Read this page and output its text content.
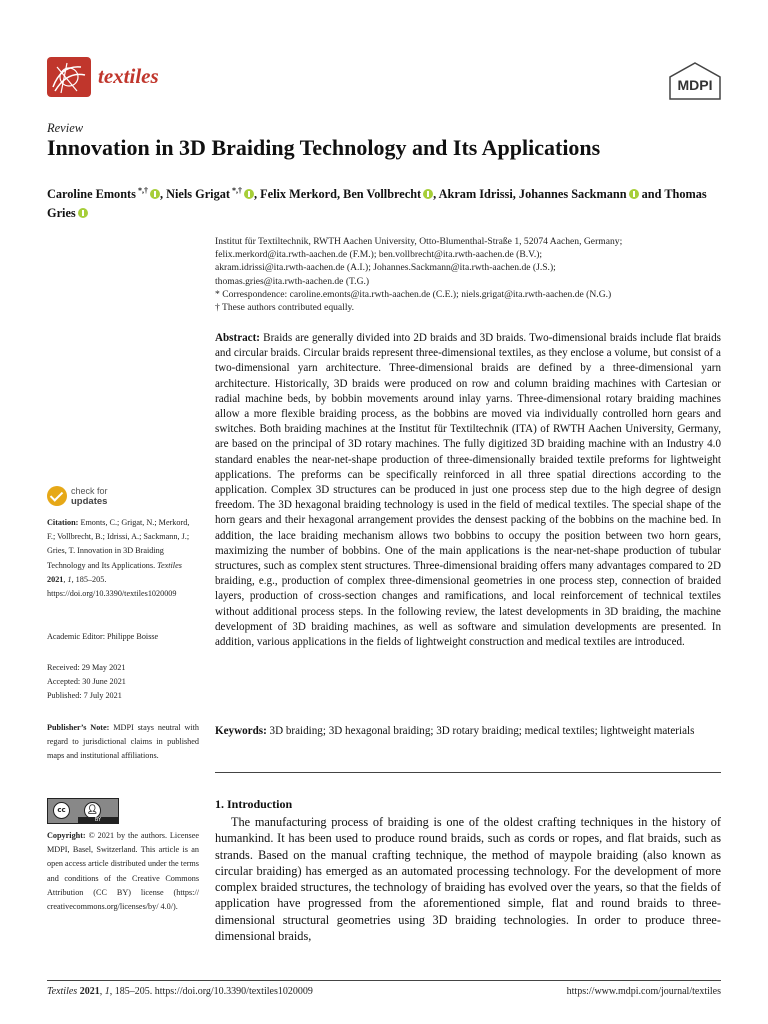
textiles	MDPI
Review
Innovation in 3D Braiding Technology and Its Applications
Caroline Emonts *,† , Niels Grigat *,† , Felix Merkord, Ben Vollbrecht , Akram Idrissi, Johannes Sackmann and Thomas Gries
Institut für Textiltechnik, RWTH Aachen University, Otto-Blumenthal-Straße 1, 52074 Aachen, Germany;
felix.merkord@ita.rwth-aachen.de (F.M.); ben.vollbrecht@ita.rwth-aachen.de (B.V.);
akram.idrissi@ita.rwth-aachen.de (A.I.); Johannes.Sackmann@ita.rwth-aachen.de (J.S.);
thomas.gries@ita.rwth-aachen.de (T.G.)
* Correspondence: caroline.emonts@ita.rwth-aachen.de (C.E.); niels.grigat@ita.rwth-aachen.de (N.G.)
† These authors contributed equally.
Abstract: Braids are generally divided into 2D braids and 3D braids. Two-dimensional braids include flat braids and circular braids. Circular braids represent three-dimensional textiles, as they enclose a volume, but consist of a two-dimensional yarn architecture. Three-dimensional braids are defined by a three-dimensional yarn architecture. Historically, 3D braids were produced on row and column braiding machines with Cartesian or radial machine beds, by bobbin movements around inlay yarns. Three-dimensional rotary braiding machines allow a more flexible braiding process, as the bobbins are moved via individually controlled horn gears and switches. Both braiding machines at the Institut für Textiltechnik (ITA) of RWTH Aachen University, Germany, are based on the principal of 3D rotary machines. The fully digitized 3D braiding machine with an Industry 4.0 standard enables the near-net-shape production of three-dimensionally braided textile preforms for lightweight applications. The preforms can be specifically reinforced in all three spatial directions according to the application. Complex 3D structures can be produced in just one process step due to the high degree of design freedom. The 3D hexagonal braiding technology is used in the field of medical textiles. The special shape of the horn gears and their hexagonal arrangement provides the densest packing of the bobbins on the machine bed. In addition, the lace braiding mechanism allows two bobbins to occupy the position between two horn gears, maximizing the number of bobbins. One of the main applications is the near-net-shape production of tubular structures, such as complex stent structures. Three-dimensional braiding offers many advantages compared to 2D braiding, e.g., production of complex three-dimensional geometries in one process step, connection of braided layers, production of cross-section changes and ramifications, and local reinforcement of technical textiles without additional process steps. In the following review, the latest developments in 3D braiding, the machine development of 3D braiding machines, as well as software and simulation developments are presented. In addition, various applications in the fields of lightweight construction and medical textiles are introduced.
Keywords: 3D braiding; 3D hexagonal braiding; 3D rotary braiding; medical textiles; lightweight materials
1. Introduction

The manufacturing process of braiding is one of the oldest crafting techniques in the history of humankind. It has been used to produce round braids, such as cords or ropes, and flat braids, such as strands. Based on the manual crafting technique, the method of maypole braiding (also known as circular braiding) has emerged as an automated processing technology. For the development of more complex braided structures, the technology of braiding has evolved over the years, so that the fields of application have progressed from the aforementioned simple, flat and round braids to three-dimensional structural geometries using 3D braiding technologies. In order to produce three-dimensional braids,

check for
updates
Citation: Emonts, C.; Grigat, N.; Merkord, F.; Vollbrecht, B.; Idrissi, A.; Sackmann, J.; Gries, T. Innovation in 3D Braiding Technology and Its Applications. Textiles 2021, 1, 185–205. https://doi.org/10.3390/textiles1020009
Academic Editor: Philippe Boisse
Received: 29 May 2021
Accepted: 30 June 2021
Published: 7 July 2021
Publisher’s Note: MDPI stays neutral with regard to jurisdictional claims in published maps and institutional affiliations.
cc	👤︎
BY
Copyright: © 2021 by the authors. Licensee MDPI, Basel, Switzerland. This article is an open access article distributed under the terms and conditions of the Creative Commons Attribution (CC BY) license (https:// creativecommons.org/licenses/by/ 4.0/).
Textiles 2021, 1, 185–205. https://doi.org/10.3390/textiles1020009	https://www.mdpi.com/journal/textiles
